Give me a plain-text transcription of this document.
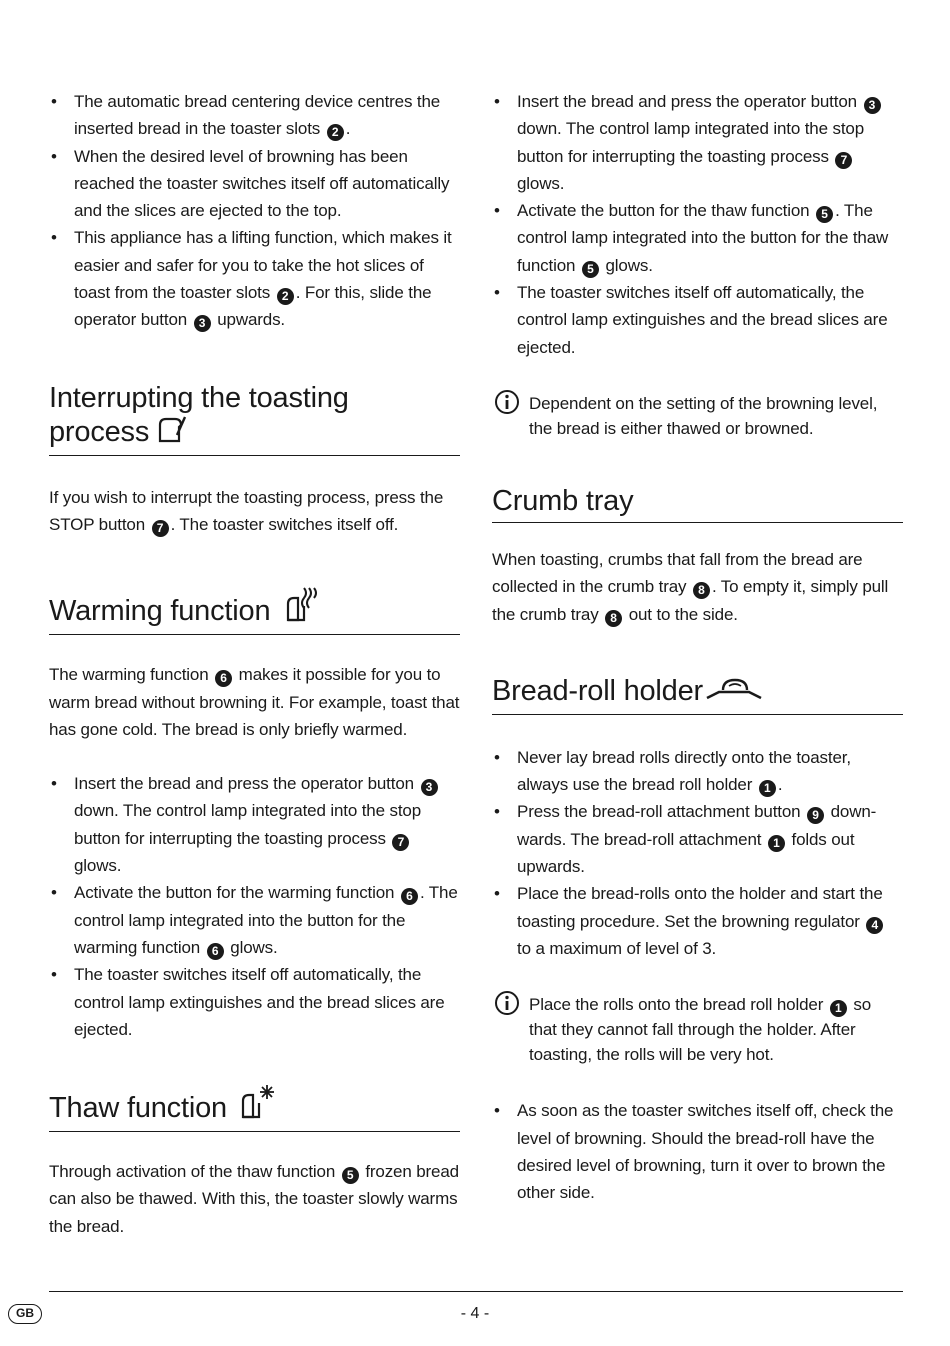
• The automatic bread centering device centres the inserted bread in the toaster slots 2 .
• When the desired level of browning has been reached the toaster switches itself off automatically and the slices are ejected to the top.
• This appliance has a lifting function, which makes it easier and safer for you to take the hot slices of toast from the toaster slots 2 . For this, slide the operator button 3 upwards.
Interrupting the toasting
process

If you wish to interrupt the toasting process, press the STOP button 7 . The toaster switches itself off.

Warming function

The warming function 6 makes it possible for you to warm bread without browning it. For example, toast that has gone cold. The bread is only briefly warmed.

• Insert the bread and press the operator button 3 down. The control lamp integrated into the stop button for interrupting the toasting process 7 glows.
• Activate the button for the warming function 6 . The control lamp integrated into the button for the warming function 6 glows.
• The toaster switches itself off automatically, the control lamp extinguishes and the bread slices are ejected.
Thaw function

Through activation of the thaw function 5 frozen bread can also be thawed. With this, the toaster slowly warms the bread.

• Insert the bread and press the operator button 3 down. The control lamp integrated into the stop button for interrupting the toasting process 7 glows.
• Activate the button for the thaw function 5 . The control lamp integrated into the button for the thaw function 5 glows.
• The toaster switches itself off automatically, the control lamp extinguishes and the bread slices are ejected.
Dependent on the setting of the browning level, the bread is either thawed or browned.
Crumb tray

When toasting, crumbs that fall from the bread are collected in the crumb tray 8 . To empty it, simply pull the crumb tray 8 out to the side.

Bread-roll holder
• Never lay bread rolls directly onto the toaster, always use the bread roll holder 1 .
• Press the bread-roll attachment button 9 down-wards. The bread-roll attachment 1 folds out upwards.
• Place the bread-rolls onto the holder and start the toasting procedure. Set the browning regulator 4 to a maximum of level of 3.
Place the rolls onto the bread roll holder 1 so that they cannot fall through the holder. After toasting, the rolls will be very hot.
• As soon as the toaster switches itself off, check the level of browning. Should the bread-roll have the desired level of browning, turn it over to brown the other side.
GB	- 4 -
